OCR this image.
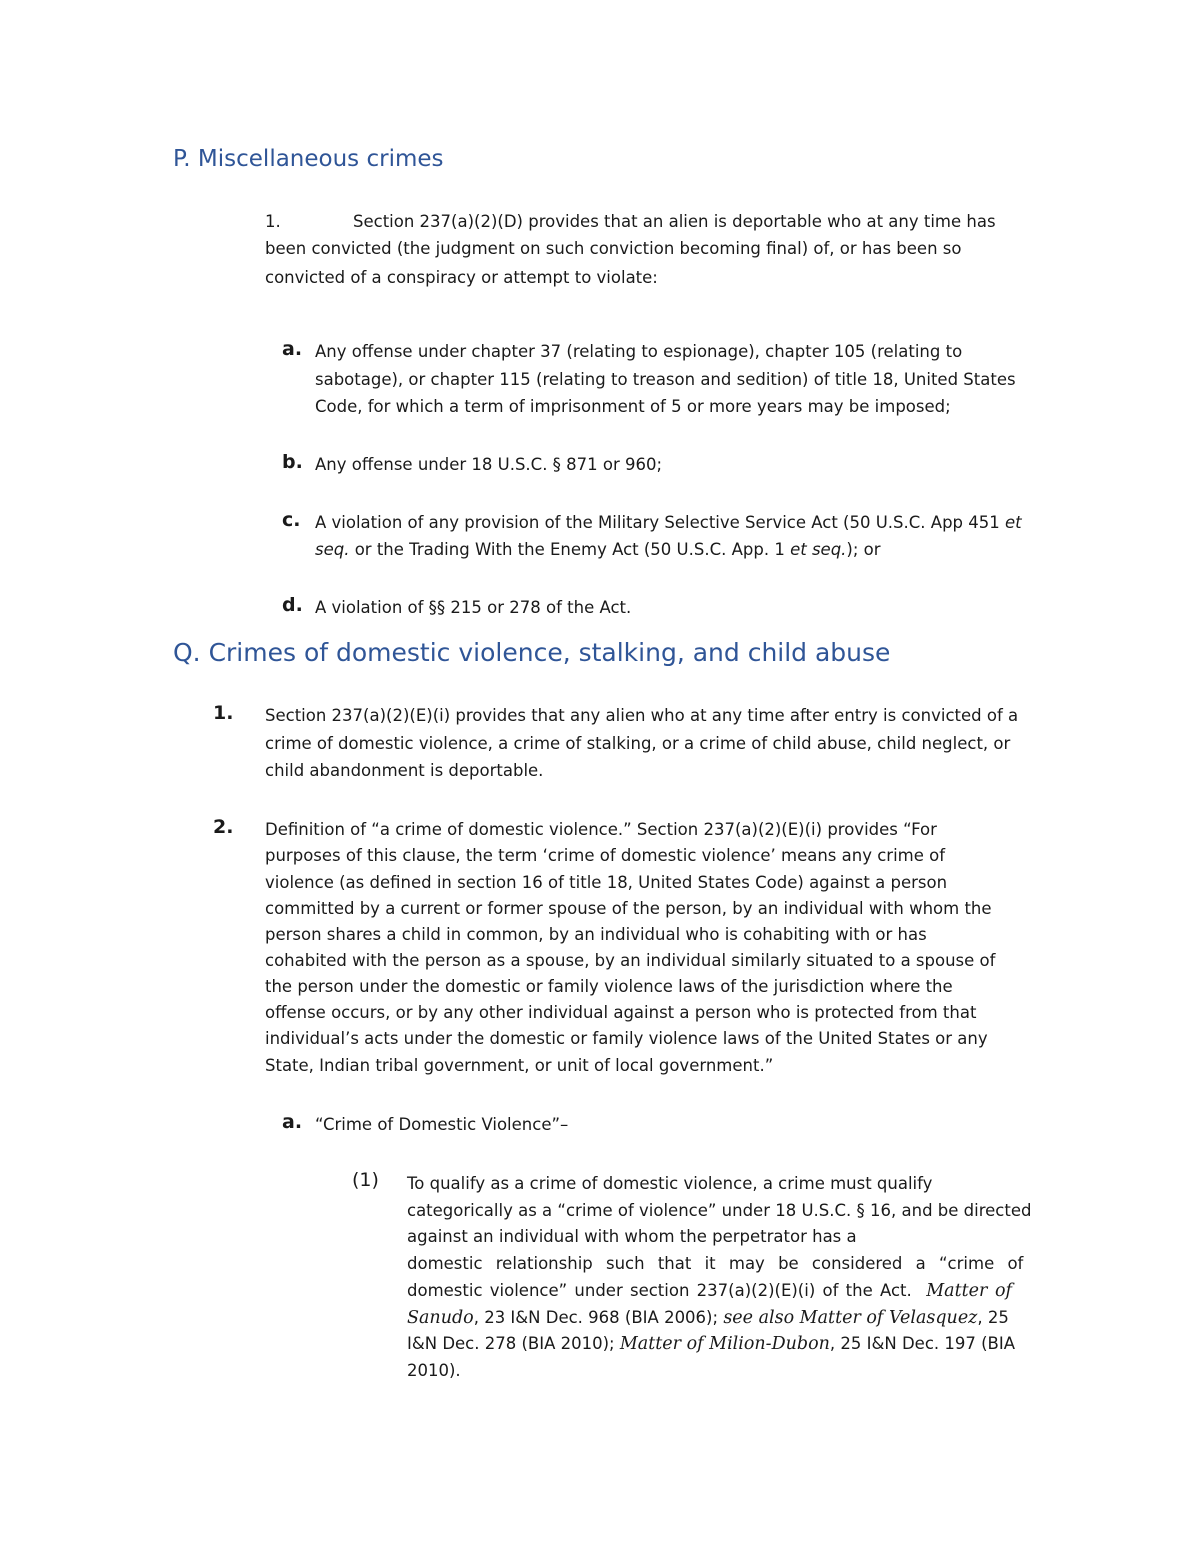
P. Miscellaneous crimes
1.	Section 237(a)(2)(D) provides that an alien is deportable who at any time has
been convicted (the judgment on such conviction becoming final) of, or has been so
convicted of a conspiracy or attempt to violate:
a. Any offense under chapter 37 (relating to espionage), chapter 105 (relating to
sabotage), or chapter 115 (relating to treason and sedition) of title 18, United States
Code, for which a term of imprisonment of 5 or more years may be imposed;
b. Any offense under 18 U.S.C. § 871 or 960;
c. A violation of any provision of the Military Selective Service Act (50 U.S.C. App 451 et
seq. or the Trading With the Enemy Act (50 U.S.C. App. 1 et seq.); or
d. A violation of §§ 215 or 278 of the Act.
Q. Crimes of domestic violence, stalking, and child abuse
1. Section 237(a)(2)(E)(i) provides that any alien who at any time after entry is convicted of a
crime of domestic violence, a crime of stalking, or a crime of child abuse, child neglect, or
child abandonment is deportable.
2. Definition of “a crime of domestic violence.” Section 237(a)(2)(E)(i) provides “For
purposes of this clause, the term ‘crime of domestic violence’ means any crime of
violence (as defined in section 16 of title 18, United States Code) against a person
committed by a current or former spouse of the person, by an individual with whom the
person shares a child in common, by an individual who is cohabiting with or has
cohabited with the person as a spouse, by an individual similarly situated to a spouse of
the person under the domestic or family violence laws of the jurisdiction where the
offense occurs, or by any other individual against a person who is protected from that
individual’s acts under the domestic or family violence laws of the United States or any
State, Indian tribal government, or unit of local government.”
a. “Crime of Domestic Violence”–
(1) To qualify as a crime of domestic violence, a crime must qualify
categorically as a “crime of violence” under 18 U.S.C. § 16, and be directed
against an individual with whom the perpetrator has a
domestic relationship such that it may be considered a “crime of
domestic violence” under section 237(a)(2)(E)(i) of the Act.  Matter of
Sanudo, 23 I&N Dec. 968 (BIA 2006); see also Matter of Velasquez, 25
I&N Dec. 278 (BIA 2010); Matter of Milion-Dubon, 25 I&N Dec. 197 (BIA
2010).
